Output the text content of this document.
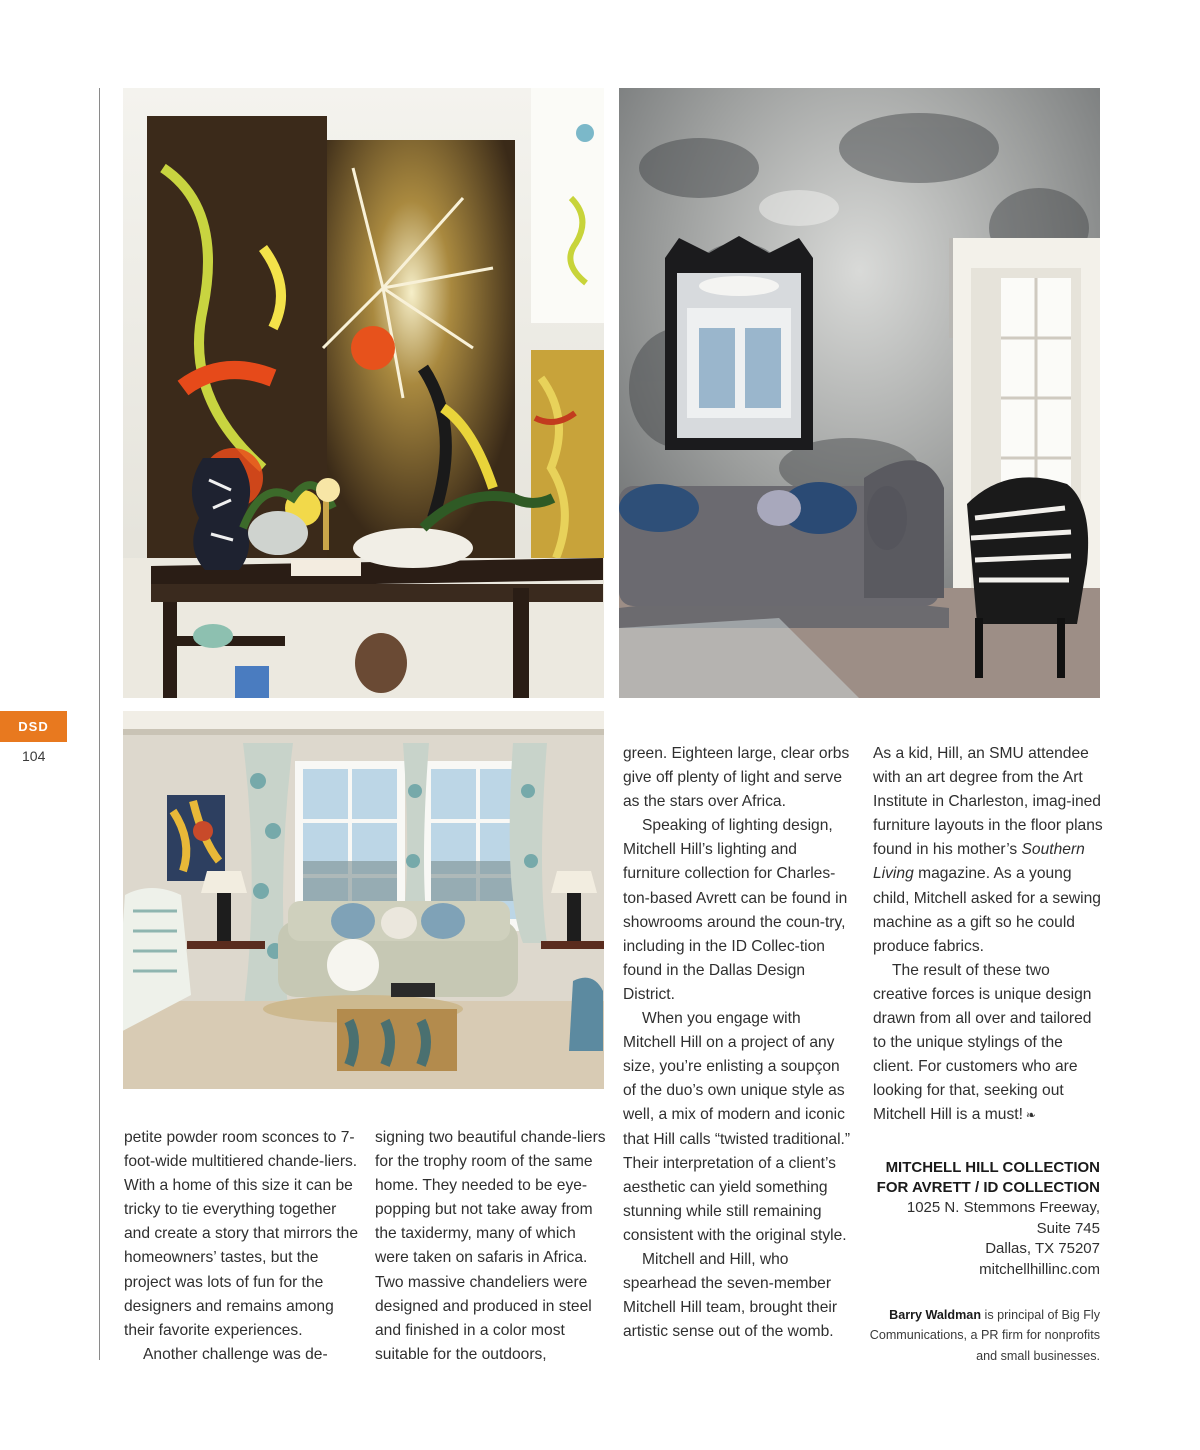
DSD
104

petite powder room sconces to 7-foot-wide multitiered chande-liers. With a home of this size it can be tricky to tie everything together and create a story that mirrors the homeowners’ tastes, but the project was lots of fun for the designers and remains among their favorite experiences.

Another challenge was de-

signing two beautiful chande-liers for the trophy room of the same home. They needed to be eye-popping but not take away from the taxidermy, many of which were taken on safaris in Africa. Two massive chandeliers were designed and produced in steel and finished in a color most suitable for the outdoors,

green. Eighteen large, clear orbs give off plenty of light and serve as the stars over Africa.

Speaking of lighting design, Mitchell Hill’s lighting and furniture collection for Charles-ton-based Avrett can be found in showrooms around the coun-try, including in the ID Collec-tion found in the Dallas Design District.

When you engage with Mitchell Hill on a project of any size, you’re enlisting a soupçon of the duo’s own unique style as well, a mix of modern and iconic that Hill calls “twisted traditional.” Their interpretation of a client’s aesthetic can yield something stunning while still remaining consistent with the original style.

Mitchell and Hill, who spearhead the seven-member Mitchell Hill team, brought their artistic sense out of the womb.

As a kid, Hill, an SMU attendee with an art degree from the Art Institute in Charleston, imag-ined furniture layouts in the floor plans found in his mother’s Southern Living magazine. As a young child, Mitchell asked for a sewing machine as a gift so he could produce fabrics.

The result of these two creative forces is unique design drawn from all over and tailored to the unique stylings of the client. For customers who are looking for that, seeking out Mitchell Hill is a must! ❧

MITCHELL HILL COLLECTION
FOR AVRETT / ID COLLECTION
1025 N. Stemmons Freeway,
Suite 745
Dallas, TX 75207
mitchellhillinc.com
Barry Waldman is principal of Big Fly Communications, a PR firm for nonprofits and small businesses.
